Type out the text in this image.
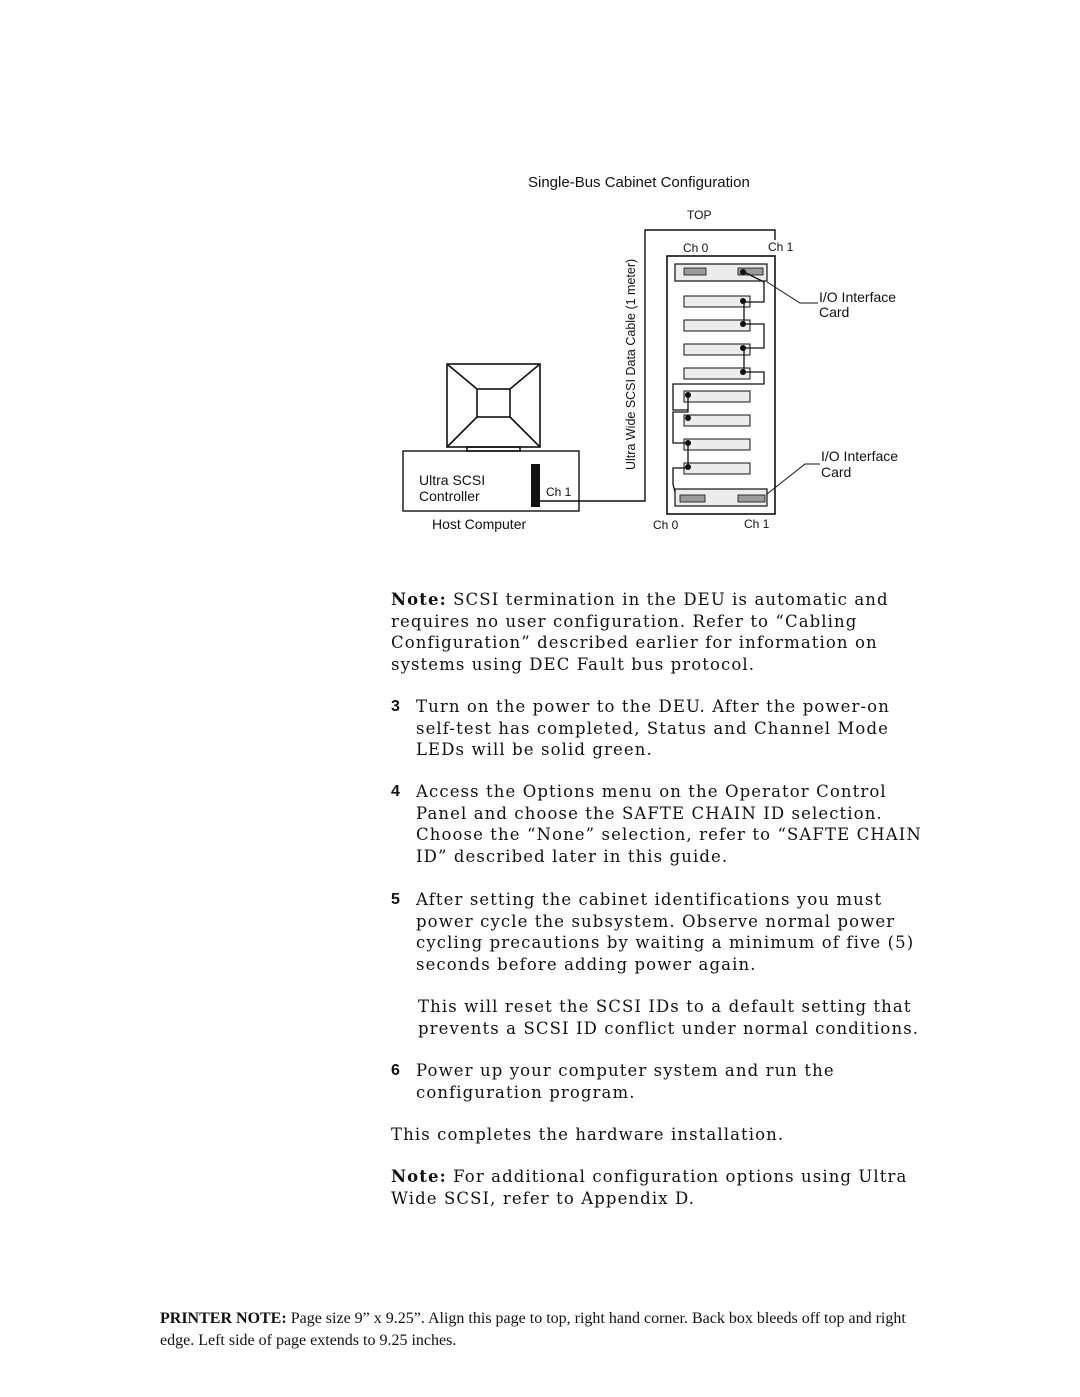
Single-Bus Cabinet Configuration
TOP
Ultra SCSI
Controller	Ch 1
Host Computer
Ultra Wide SCSI Data Cable (1 meter)
Ch 0	Ch 1
Ch 0	Ch 1
I/O Interface
Card
I/O Interface
Card

Note: SCSI termination in the DEU is automatic and requires no user configuration. Refer to “Cabling Configuration” described earlier for information on systems using DEC Fault bus protocol.

3 Turn on the power to the DEU. After the power-on self-test has completed, Status and Channel Mode LEDs will be solid green.

4 Access the Options menu on the Operator Control Panel and choose the SAFTE CHAIN ID selection. Choose the “None” selection, refer to “SAFTE CHAIN ID” described later in this guide.

5 After setting the cabinet identifications you must power cycle the subsystem. Observe normal power cycling precautions by waiting a minimum of five (5) seconds before adding power again.

This will reset the SCSI IDs to a default setting that prevents a SCSI ID conflict under normal conditions.

6 Power up your computer system and run the configuration program.

This completes the hardware installation.

Note: For additional configuration options using Ultra Wide SCSI, refer to Appendix D.

PRINTER NOTE: Page size 9” x 9.25”. Align this page to top, right hand corner. Back box bleeds off top and right edge. Left side of page extends to 9.25 inches.
